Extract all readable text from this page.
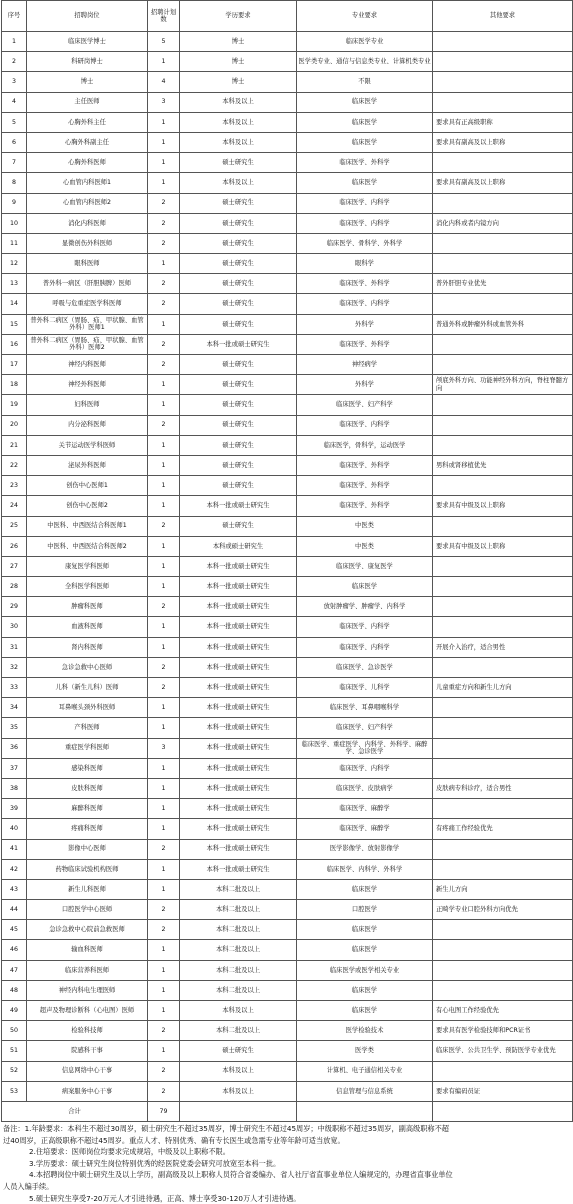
序号	招聘岗位	招聘计划数	学历要求	专业要求	其他要求
1	临床医学博士	5	博士	临床医学专业	
2	科研岗博士	1	博士	医学类专业、通信与信息类专业、计算机类专业	
3	博士	4	博士	不限	
4	主任医师	3	本科及以上	临床医学	
5	心胸外科主任	1	本科及以上	临床医学	要求具有正高级职称
6	心胸外科副主任	1	本科及以上	临床医学	要求具有副高及以上职称
7	心胸外科医师	1	硕士研究生	临床医学、外科学	
8	心血管内科医师1	1	本科及以上	临床医学	要求具有副高及以上职称
9	心血管内科医师2	2	硕士研究生	临床医学、内科学	
10	消化内科医师	2	硕士研究生	临床医学、内科学	消化内科或者内镜方向
11	显微创伤外科医师	2	硕士研究生	临床医学、骨科学、外科学	
12	眼科医师	1	硕士研究生	眼科学	
13	普外科一病区（肝胆胰脾）医师	2	硕士研究生	临床医学、外科学	普外肝胆专业优先
14	呼吸与危重症医学科医师	2	硕士研究生	临床医学、内科学	
15	普外科二病区（胃肠、疝、甲状腺、血管外科）医师1	1	硕士研究生	外科学	普通外科或肿瘤外科或血管外科
16	普外科二病区（胃肠、疝、甲状腺、血管外科）医师2	2	本科一批或硕士研究生	临床医学、外科学	
17	神经内科医师	2	硕士研究生	神经病学	
18	神经外科医师	1	硕士研究生	外科学	颅底外科方向、功能神经外科方向，脊柱脊髓方向
19	妇科医师	1	硕士研究生	临床医学、妇产科学	
20	内分泌科医师	2	硕士研究生	临床医学、内科学	
21	关节运动医学科医师	1	硕士研究生	临床医学，骨科学，运动医学	
22	泌尿外科医师	1	硕士研究生	临床医学、外科学	男科或肾移植优先
23	创伤中心医师1	1	硕士研究生	临床医学、外科学	
24	创伤中心医师2	1	本科一批或硕士研究生	临床医学、外科学	要求具有中级及以上职称
25	中医科、中西医结合科医师1	2	硕士研究生	中医类	
26	中医科、中西医结合科医师2	1	本科或硕士研究生	中医类	要求具有中级及以上职称
27	康复医学科医师	1	本科一批或硕士研究生	临床医学、康复医学	
28	全科医学科医师	1	本科一批或硕士研究生	临床医学	
29	肿瘤科医师	2	本科一批或硕士研究生	放射肿瘤学、肿瘤学、内科学	
30	血液科医师	1	本科一批或硕士研究生	临床医学、内科学	
31	肾内科医师	1	本科一批或硕士研究生	临床医学、内科学	开展介入治疗，适合男性
32	急诊急救中心医师	2	本科一批或硕士研究生	临床医学、急诊医学	
33	儿科（新生儿科）医师	2	本科一批或硕士研究生	临床医学、儿科学	儿童重症方向和新生儿方向
34	耳鼻喉头颈外科医师	1	本科一批或硕士研究生	临床医学、耳鼻咽喉科学	
35	产科医师	1	本科一批或硕士研究生	临床医学、妇产科学	
36	重症医学科医师	3	本科一批或硕士研究生	临床医学、重症医学、内科学、外科学、麻醉学、急诊医学	
37	感染科医师	1	本科一批或硕士研究生	临床医学、内科学	
38	皮肤科医师	1	本科一批或硕士研究生	临床医学、皮肤病学	皮肤病专科诊疗，适合男性
39	麻醉科医师	1	本科一批或硕士研究生	临床医学、麻醉学	
40	疼痛科医师	1	本科一批或硕士研究生	临床医学、麻醉学	有疼痛工作经验优先
41	影像中心医师	2	本科一批或硕士研究生	医学影像学、放射影像学	
42	药物临床试验机构医师	1	本科一批或硕士研究生	临床医学、内科学、外科学	
43	新生儿科医师	1	本科二批及以上	临床医学	新生儿方向
44	口腔医学中心医师	2	本科二批及以上	口腔医学	正畸学专业口腔外科方向优先
45	急诊急救中心院前急救医师	2	本科二批及以上	临床医学	
46	输血科医师	1	本科二批及以上	临床医学	
47	临床营养科医师	1	本科二批及以上	临床医学或医学相关专业	
48	神经内科电生理医师	1	本科二批及以上	临床医学	
49	超声及物理诊断科（心电图）医师	1	本科及以上	临床医学	有心电图工作经验优先
50	检验科技师	2	本科二批及以上	医学检验技术	要求具有医学检验技师和PCR证书
51	院感科干事	1	硕士研究生	医学类	临床医学、公共卫生学、预防医学专业优先
52	信息网络中心干事	2	本科及以上	计算机、电子通信相关专业	
53	病案服务中心干事	2	本科及以上	信息管理与信息系统	要求有编码员证
合计		79			
备注：1.年龄要求：本科生不超过30周岁，硕士研究生不超过35周岁，博士研究生不超过45周岁；中级职称不超过35周岁，副高级职称不超
过40周岁，正高级职称不超过45周岁。重点人才、特别优秀、确有专长医生或急需专业等年龄可适当放宽。
2.住培要求：医师岗位均要求完成规培，中级及以上职称不限。
3.学历要求：硕士研究生岗位特别优秀的经医院党委会研究可放宽至本科一批。
4.本招聘岗位中硕士研究生及以上学历，副高级及以上职称人员符合省委编办、省人社厅省直事业单位人编规定的，办理省直事业单位
人员入编手续。
5.硕士研究生享受7-20万元人才引进待遇，正高、博士享受30-120万人才引进待遇。
